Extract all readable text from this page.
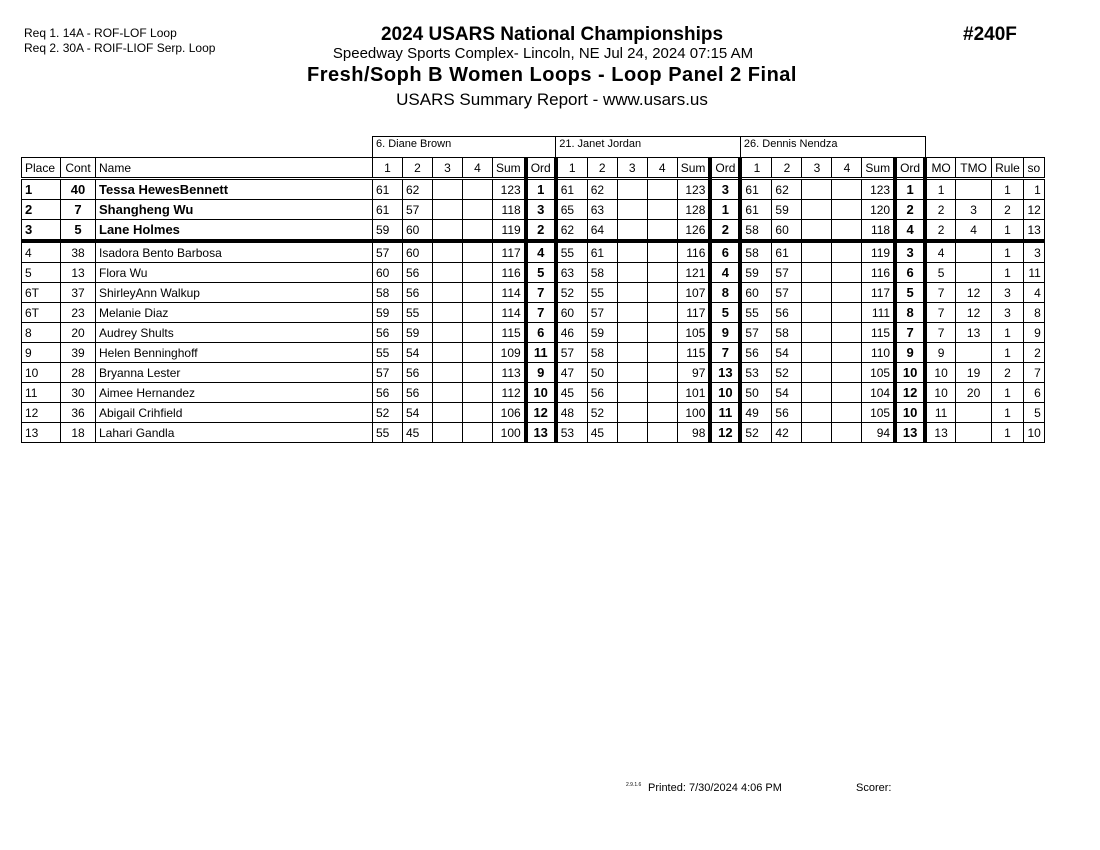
Req 1. 14A - ROF-LOF Loop
Req 2. 30A - ROIF-LIOF Serp. Loop
#240F
2024 USARS National Championships
Speedway Sports Complex- Lincoln, NE Jul 24, 2024 07:15 AM
Fresh/Soph B Women Loops - Loop Panel 2 Final
USARS Summary Report - www.usars.us
			6. Diane Brown						21. Janet Jordan						26. Dennis Nendza									
Place	Cont	Name	1	2	3	4	Sum	Ord	1	2	3	4	Sum	Ord	1	2	3	4	Sum	Ord	MO	TMO	Rule	so
1	40	Tessa HewesBennett	61	62			123	1	61	62			123	3	61	62			123	1	1		1	1
2	7	Shangheng Wu	61	57			118	3	65	63			128	1	61	59			120	2	2	3	2	12
3	5	Lane Holmes	59	60			119	2	62	64			126	2	58	60			118	4	2	4	1	13
4	38	Isadora Bento Barbosa	57	60			117	4	55	61			116	6	58	61			119	3	4		1	3
5	13	Flora Wu	60	56			116	5	63	58			121	4	59	57			116	6	5		1	11
6T	37	ShirleyAnn Walkup	58	56			114	7	52	55			107	8	60	57			117	5	7	12	3	4
6T	23	Melanie Diaz	59	55			114	7	60	57			117	5	55	56			111	8	7	12	3	8
8	20	Audrey Shults	56	59			115	6	46	59			105	9	57	58			115	7	7	13	1	9
9	39	Helen Benninghoff	55	54			109	11	57	58			115	7	56	54			110	9	9		1	2
10	28	Bryanna Lester	57	56			113	9	47	50			97	13	53	52			105	10	10	19	2	7
11	30	Aimee Hernandez	56	56			112	10	45	56			101	10	50	54			104	12	10	20	1	6
12	36	Abigail Crihfield	52	54			106	12	48	52			100	11	49	56			105	10	11		1	5
13	18	Lahari Gandla	55	45			100	13	53	45			98	12	52	42			94	13	13		1	10
2.9.1.6 Printed: 7/30/2024 4:06 PM	Scorer:
